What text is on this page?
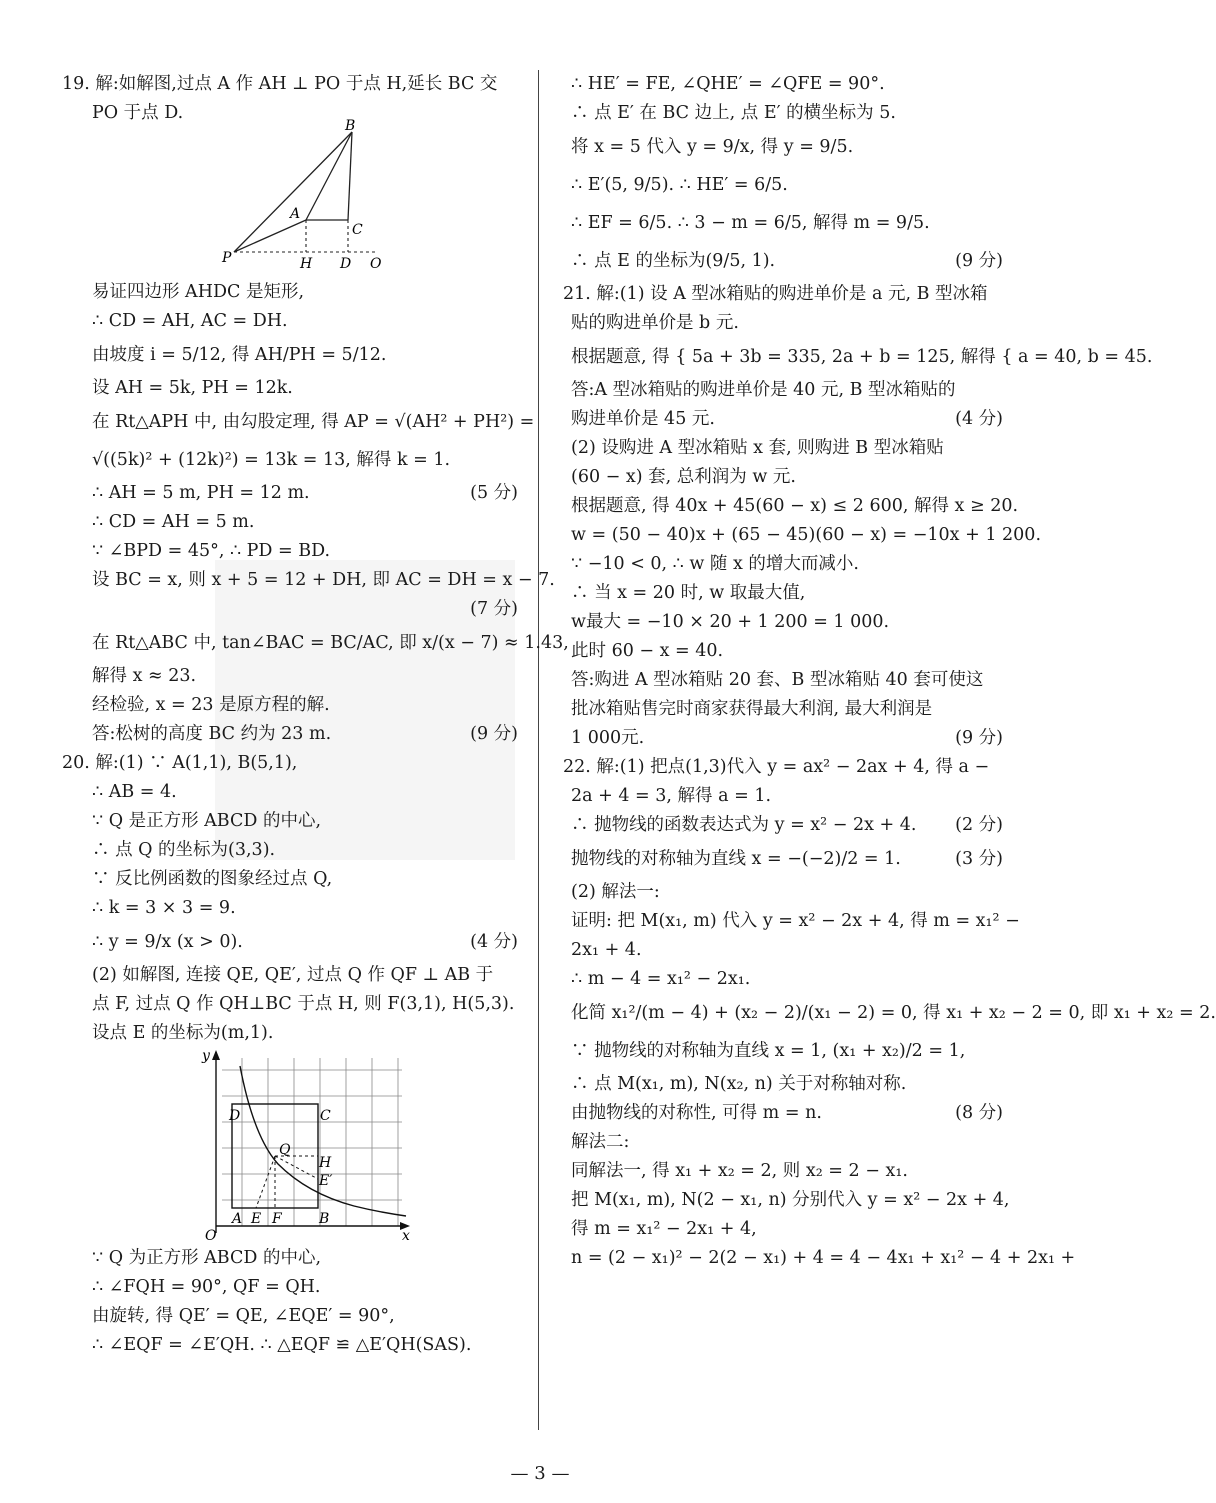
19. 解:如解图,过点 A 作 AH ⊥ PO 于点 H,延长 BC 交
PO 于点 D.
B
A
C
P	H D O
易证四边形 AHDC 是矩形,
∴ CD = AH, AC = DH.
由坡度 i = 5/12, 得 AH/PH = 5/12.
设 AH = 5k, PH = 12k.
在 Rt△APH 中, 由勾股定理, 得 AP = √(AH² + PH²) =
√((5k)² + (12k)²) = 13k = 13, 解得 k = 1.
∴ AH = 5 m, PH = 12 m.	(5 分)
∴ CD = AH = 5 m.
∵ ∠BPD = 45°, ∴ PD = BD.
设 BC = x, 则 x + 5 = 12 + DH, 即 AC = DH = x − 7.
(7 分)
在 Rt△ABC 中, tan∠BAC = BC/AC, 即 x/(x − 7) ≈ 1.43,
解得 x ≈ 23.
经检验, x = 23 是原方程的解.
答:松树的高度 BC 约为 23 m.	(9 分)
20. 解:(1) ∵ A(1,1), B(5,1),
∴ AB = 4.
∵ Q 是正方形 ABCD 的中心,
∴ 点 Q 的坐标为(3,3).
∵ 反比例函数的图象经过点 Q,
∴ k = 3 × 3 = 9.
∴ y = 9/x (x > 0).	(4 分)
(2) 如解图, 连接 QE, QE′, 过点 Q 作 QF ⊥ AB 于
点 F, 过点 Q 作 QH⊥BC 于点 H, 则 F(3,1), H(5,3).
设点 E 的坐标为(m,1).
y
D	C
Q
H
E′
A E F	B
O	x
∵ Q 为正方形 ABCD 的中心,
∴ ∠FQH = 90°, QF = QH.
由旋转, 得 QE′ = QE, ∠EQE′ = 90°,
∴ ∠EQF = ∠E′QH. ∴ △EQF ≌ △E′QH(SAS).
∴ HE′ = FE, ∠QHE′ = ∠QFE = 90°.
∴ 点 E′ 在 BC 边上, 点 E′ 的横坐标为 5.
将 x = 5 代入 y = 9/x, 得 y = 9/5.
∴ E′(5, 9/5). ∴ HE′ = 6/5.
∴ EF = 6/5. ∴ 3 − m = 6/5, 解得 m = 9/5.
∴ 点 E 的坐标为(9/5, 1).	(9 分)
21. 解:(1) 设 A 型冰箱贴的购进单价是 a 元, B 型冰箱
贴的购进单价是 b 元.
根据题意, 得 { 5a + 3b = 335, 2a + b = 125, 解得 { a = 40, b = 45.
答:A 型冰箱贴的购进单价是 40 元, B 型冰箱贴的
购进单价是 45 元.	(4 分)
(2) 设购进 A 型冰箱贴 x 套, 则购进 B 型冰箱贴
(60 − x) 套, 总利润为 w 元.
根据题意, 得 40x + 45(60 − x) ≤ 2 600, 解得 x ≥ 20.
w = (50 − 40)x + (65 − 45)(60 − x) = −10x + 1 200.
∵ −10 < 0, ∴ w 随 x 的增大而减小.
∴ 当 x = 20 时, w 取最大值,
w最大 = −10 × 20 + 1 200 = 1 000.
此时 60 − x = 40.
答:购进 A 型冰箱贴 20 套、B 型冰箱贴 40 套可使这
批冰箱贴售完时商家获得最大利润, 最大利润是
1 000元.	(9 分)
22. 解:(1) 把点(1,3)代入 y = ax² − 2ax + 4, 得 a −
2a + 4 = 3, 解得 a = 1.
∴ 抛物线的函数表达式为 y = x² − 2x + 4. (2 分)
抛物线的对称轴为直线 x = −(−2)/2 = 1.	(3 分)
(2) 解法一:
证明: 把 M(x₁, m) 代入 y = x² − 2x + 4, 得 m = x₁² −
2x₁ + 4.
∴ m − 4 = x₁² − 2x₁.
化简 x₁²/(m − 4) + (x₂ − 2)/(x₁ − 2) = 0, 得 x₁ + x₂ − 2 = 0, 即 x₁ + x₂ = 2.
∵ 抛物线的对称轴为直线 x = 1, (x₁ + x₂)/2 = 1,
∴ 点 M(x₁, m), N(x₂, n) 关于对称轴对称.
由抛物线的对称性, 可得 m = n.	(8 分)
解法二:
同解法一, 得 x₁ + x₂ = 2, 则 x₂ = 2 − x₁.
把 M(x₁, m), N(2 − x₁, n) 分别代入 y = x² − 2x + 4,
得 m = x₁² − 2x₁ + 4,
n = (2 − x₁)² − 2(2 − x₁) + 4 = 4 − 4x₁ + x₁² − 4 + 2x₁ +
— 3 —
